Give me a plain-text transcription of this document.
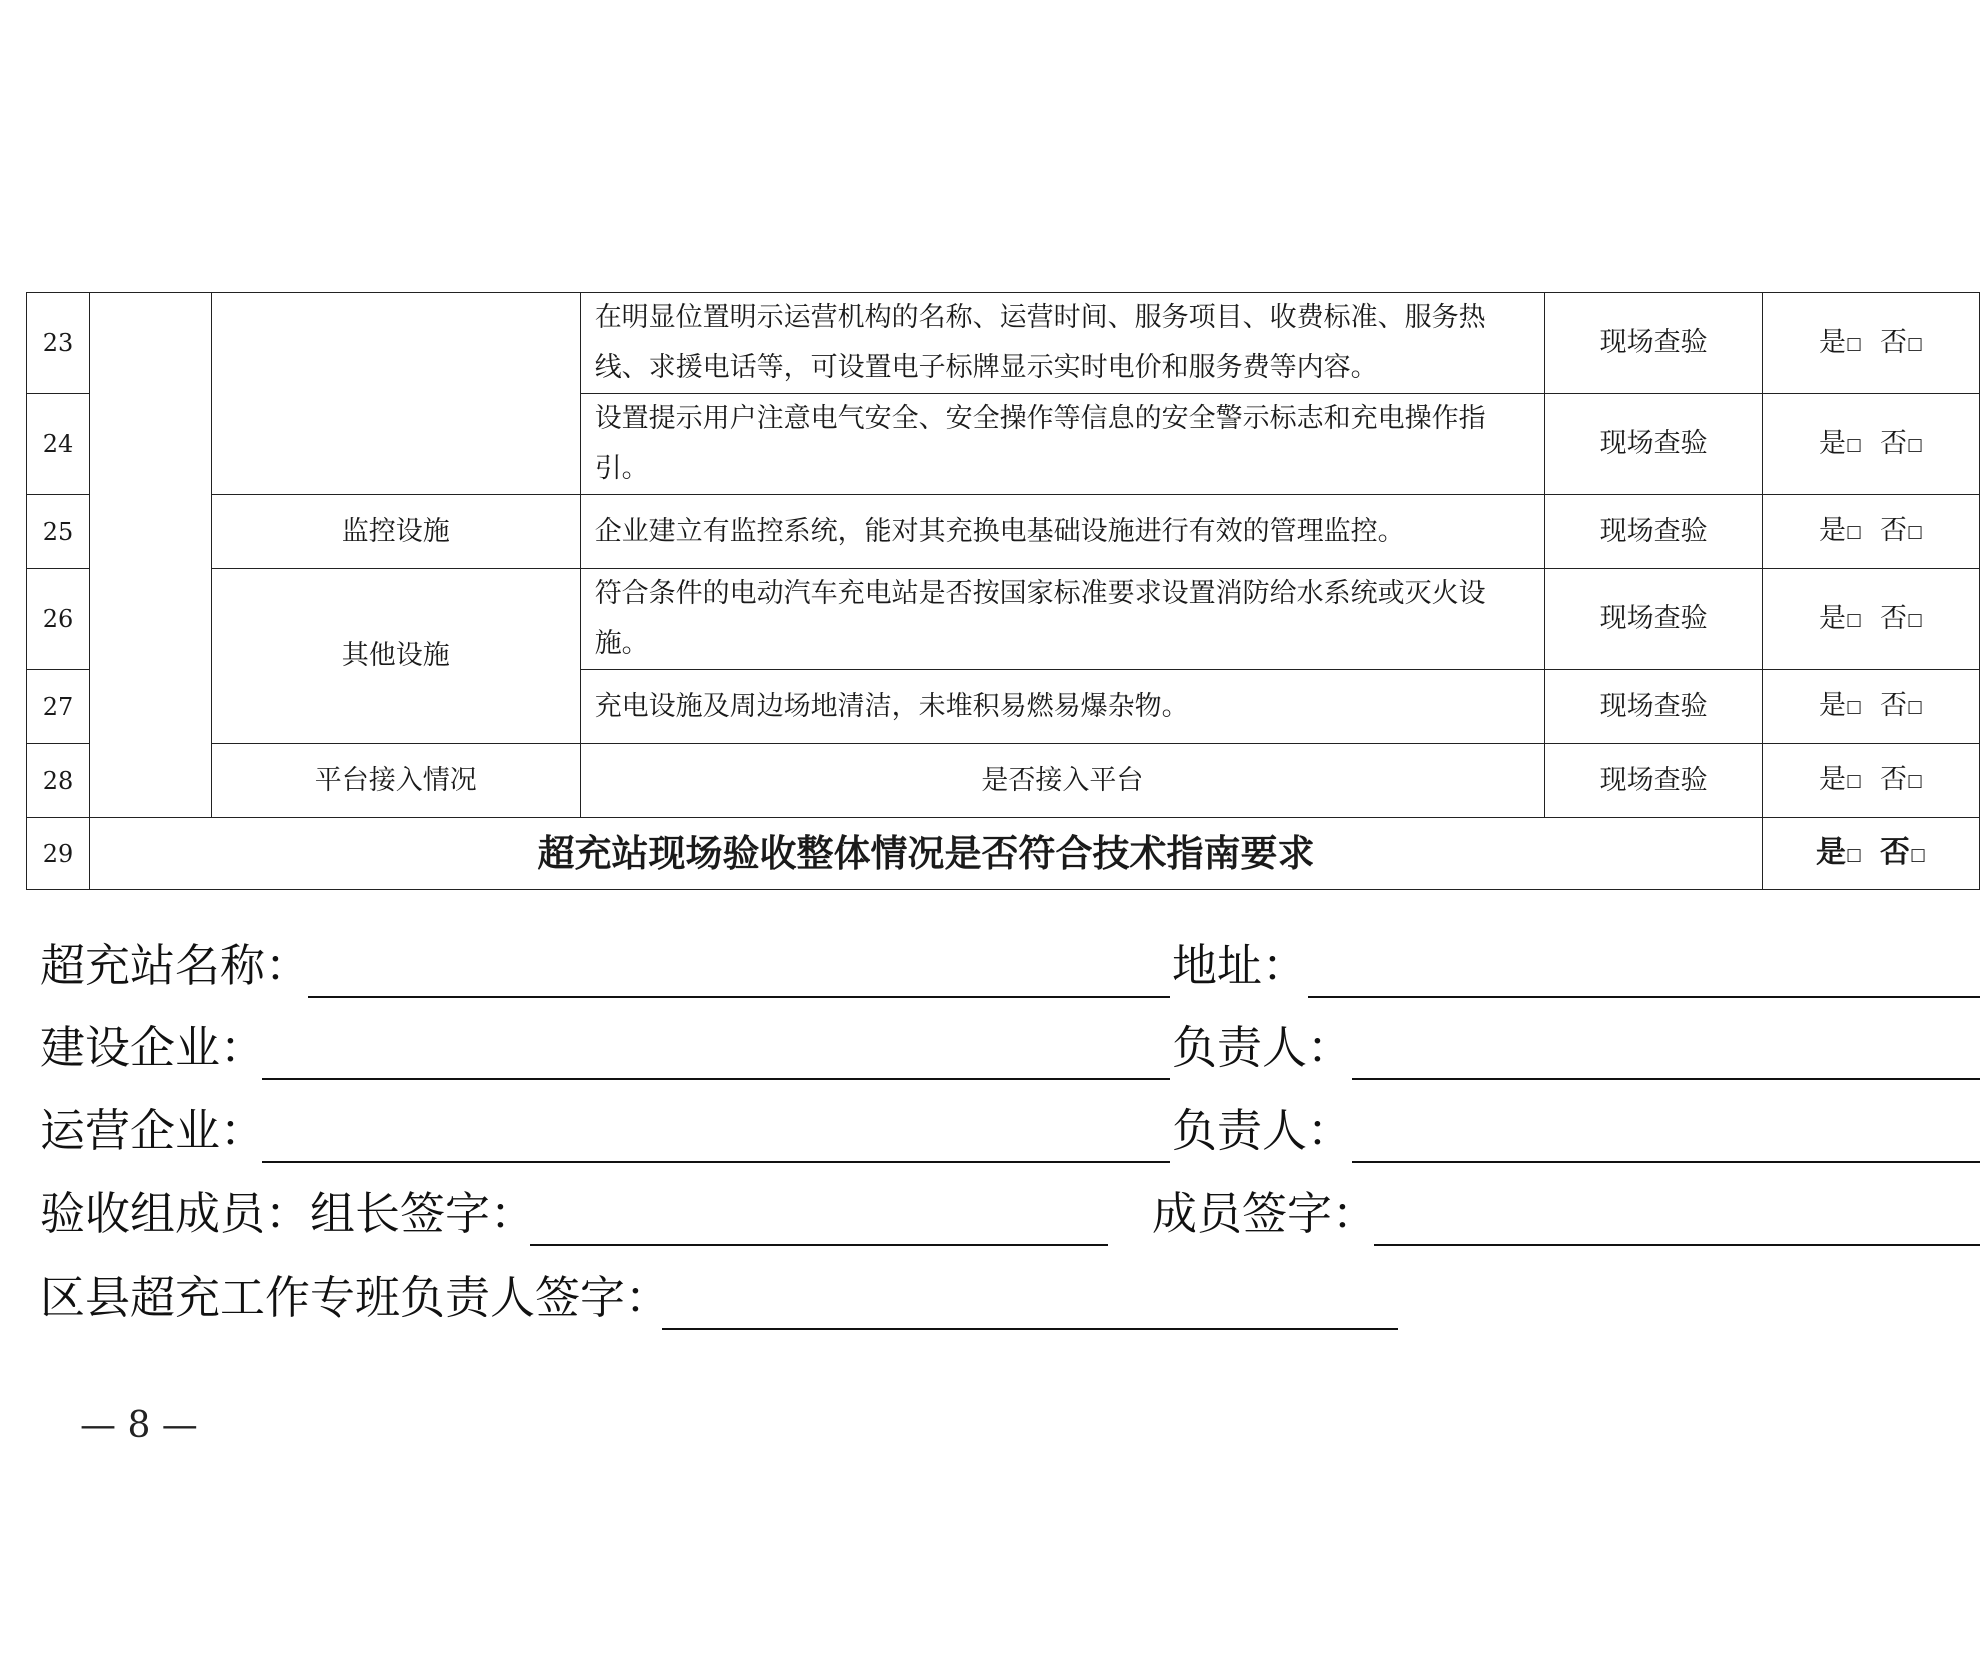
23			在明显位置明示运营机构的名称、运营时间、服务项目、收费标准、服务热线、求援电话等，可设置电子标牌显示实时电价和服务费等内容。	现场查验	是□ 否□
24			设置提示用户注意电气安全、安全操作等信息的安全警示标志和充电操作指引。	现场查验	是□ 否□
25		监控设施	企业建立有监控系统，能对其充换电基础设施进行有效的管理监控。	现场查验	是□ 否□
26		其他设施	符合条件的电动汽车充电站是否按国家标准要求设置消防给水系统或灭火设施。	现场查验	是□ 否□
27			充电设施及周边场地清洁，未堆积易燃易爆杂物。	现场查验	是□ 否□
28		平台接入情况	是否接入平台	现场查验	是□ 否□
29	超充站现场验收整体情况是否符合技术指南要求				是□ 否□
超充站名称：	地址：
建设企业：	负责人：
运营企业：	负责人：
验收组成员：组长签字：	成员签字：
区县超充工作专班负责人签字：
— 8 —
